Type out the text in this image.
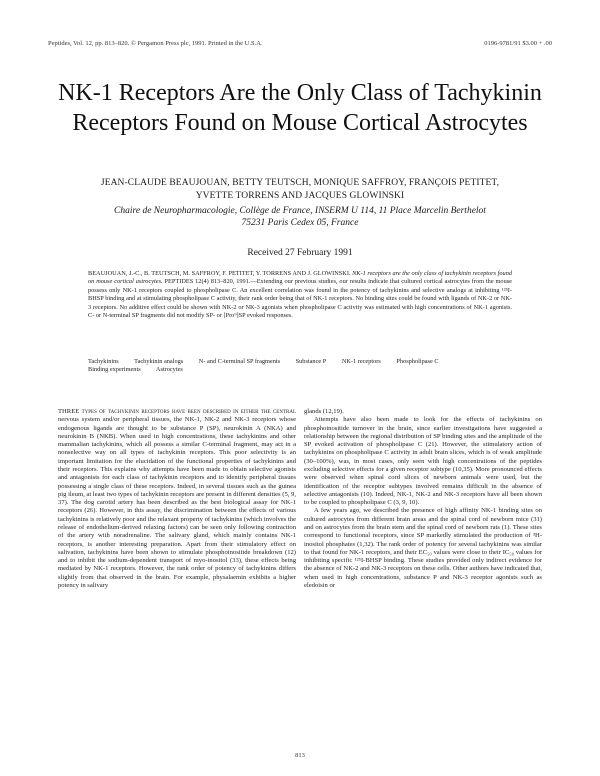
Peptides, Vol. 12, pp. 813–820. © Pergamon Press plc, 1991. Printed in the U.S.A.	0196-9781/91 $3.00 + .00
NK-1 Receptors Are the Only Class of Tachykinin Receptors Found on Mouse Cortical Astrocytes
JEAN-CLAUDE BEAUJOUAN, BETTY TEUTSCH, MONIQUE SAFFROY, FRANÇOIS PETITET,
YVETTE TORRENS AND JACQUES GLOWINSKI
Chaire de Neuropharmacologie, Collège de France, INSERM U 114, 11 Place Marcelin Berthelot
75231 Paris Cedex 05, France
Received 27 February 1991

BEAUJOUAN, J.-C., B. TEUTSCH, M. SAFFROY, F. PETITET, Y. TORRENS AND J. GLOWINSKI. NK-1 receptors are the only class of tachykinin receptors found on mouse cortical astrocytes. PEPTIDES 12(4) 813–820, 1991.—Extending our previous studies, our results indicate that cultured cortical astrocytes from the mouse possess only NK-1 receptors coupled to phospholipase C. An excellent correlation was found in the potency of tachykinins and selective analogs at inhibiting ¹²⁵I-BHSP binding and at stimulating phospholipase C activity, their rank order being that of NK-1 receptors. No binding sites could be found with ligands of NK-2 or NK-3 receptors. No additive effect could be shown with NK-2 or NK-3 agonists when phospholipase C activity was estimated with high concentrations of NK-1 agonists. C- or N-terminal SP fragments did not modify SP- or [Pro⁹]SP evoked responses.

Tachykinins Tachykinin analogs N- and C-terminal SP fragments Substance P NK-1 receptors Phospholipase C Binding experiments Astrocytes

THREE types of tachykinin receptors have been described in either the central nervous system and/or peripheral tissues, the NK-1, NK-2 and NK-3 receptors whose endogenous ligands are thought to be substance P (SP), neurokinin A (NKA) and neurokinin B (NKB). When used in high concentrations, these tachykinins and other mammalian tachykinins, which all possess a similar C-terminal fragment, may act in a nonselective way on all types of tachykinin receptors. This poor selectivity is an important limitation for the elucidation of the functional properties of tachykinins and their receptors. This explains why attempts have been made to obtain selective agonists and antagonists for each class of tachykinin receptors and to identify peripheral tissues possessing a single class of these receptors. Indeed, in several tissues such as the guinea pig ileum, at least two types of tachykinin receptors are present in different densities (5, 9, 37). The dog carotid artery has been described as the best biological assay for NK-1 receptors (26). However, in this assay, the discrimination between the effects of various tachykinins is relatively poor and the relaxant property of tachykinins (which involves the release of endothelium-derived relaxing factors) can be seen only following contraction of the artery with noradrenaline. The salivary gland, which mainly contains NK-1 receptors, is another interesting preparation. Apart from their stimulatory effect on salivation, tachykinins have been shown to stimulate phosphoinositide breakdown (12) and to inhibit the sodium-dependent transport of myo-inositol (33), these effects being mediated by NK-1 receptors. However, the rank order of potency of tachykinins differs slightly from that observed in the brain. For example, physalaemin exhibits a higher potency in salivary

glands (12,19).

Attempts have also been made to look for the effects of tachykinins on phosphoinositide turnover in the brain, since earlier investigations have suggested a relationship between the regional distribution of SP binding sites and the amplitude of the SP evoked activation of phospholipase C (21). However, the stimulatory action of tachykinins on phospholipase C activity in adult brain slices, which is of weak amplitude (30–100%), was, in most cases, only seen with high concentrations of the peptides excluding selective effects for a given receptor subtype (10,35). More pronounced effects were observed when spinal cord slices of newborn animals were used, but the identification of the receptor subtypes involved remains difficult in the absence of selective antagonists (10). Indeed, NK-1, NK-2 and NK-3 receptors have all been shown to be coupled to phospholipase C (3, 9, 10).

A few years ago, we described the presence of high affinity NK-1 binding sites on cultured astrocytes from different brain areas and the spinal cord of newborn mice (31) and on astrocytes from the brain stem and the spinal cord of newborn rats (1). These sites correspond to functional receptors, since SP markedly stimulated the production of ³H-inositol phosphates (1,32). The rank order of potency for several tachykinins was similar to that found for NK-1 receptors, and their EC₅₀ values were close to their IC₅₀ values for inhibiting specific ¹²⁵I-BHSP binding. These studies provided only indirect evidence for the absence of NK-2 and NK-3 receptors on these cells. Other authors have indicated that, when used in high concentrations, substance P and NK-3 receptor agonists such as eledoisin or

813
